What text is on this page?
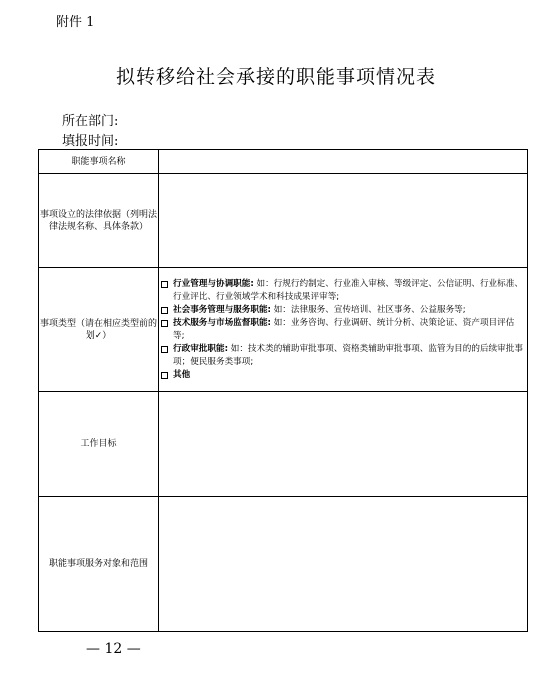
附件 1
拟转移给社会承接的职能事项情况表
所在部门:
填报时间:
职能事项名称	
事项设立的法律依据（列明法律法规名称、具体条款）	
事项类型（请在相应类型前的划✓）	行业管理与协调职能: 如：行规行约制定、行业准入审核、等级评定、公信证明、行业标准、行业评比、行业领域学术和科技成果评审等;
社会事务管理与服务职能: 如：法律服务、宣传培训、社区事务、公益服务等;
技术服务与市场监督职能: 如：业务咨询、行业调研、统计分析、决策论证、资产项目评估等;
行政审批职能: 如：技术类的辅助审批事项、资格类辅助审批事项、监管为目的的后续审批事项；便民服务类事项;
其他

工作目标	
职能事项服务对象和范围	
— 12 —
